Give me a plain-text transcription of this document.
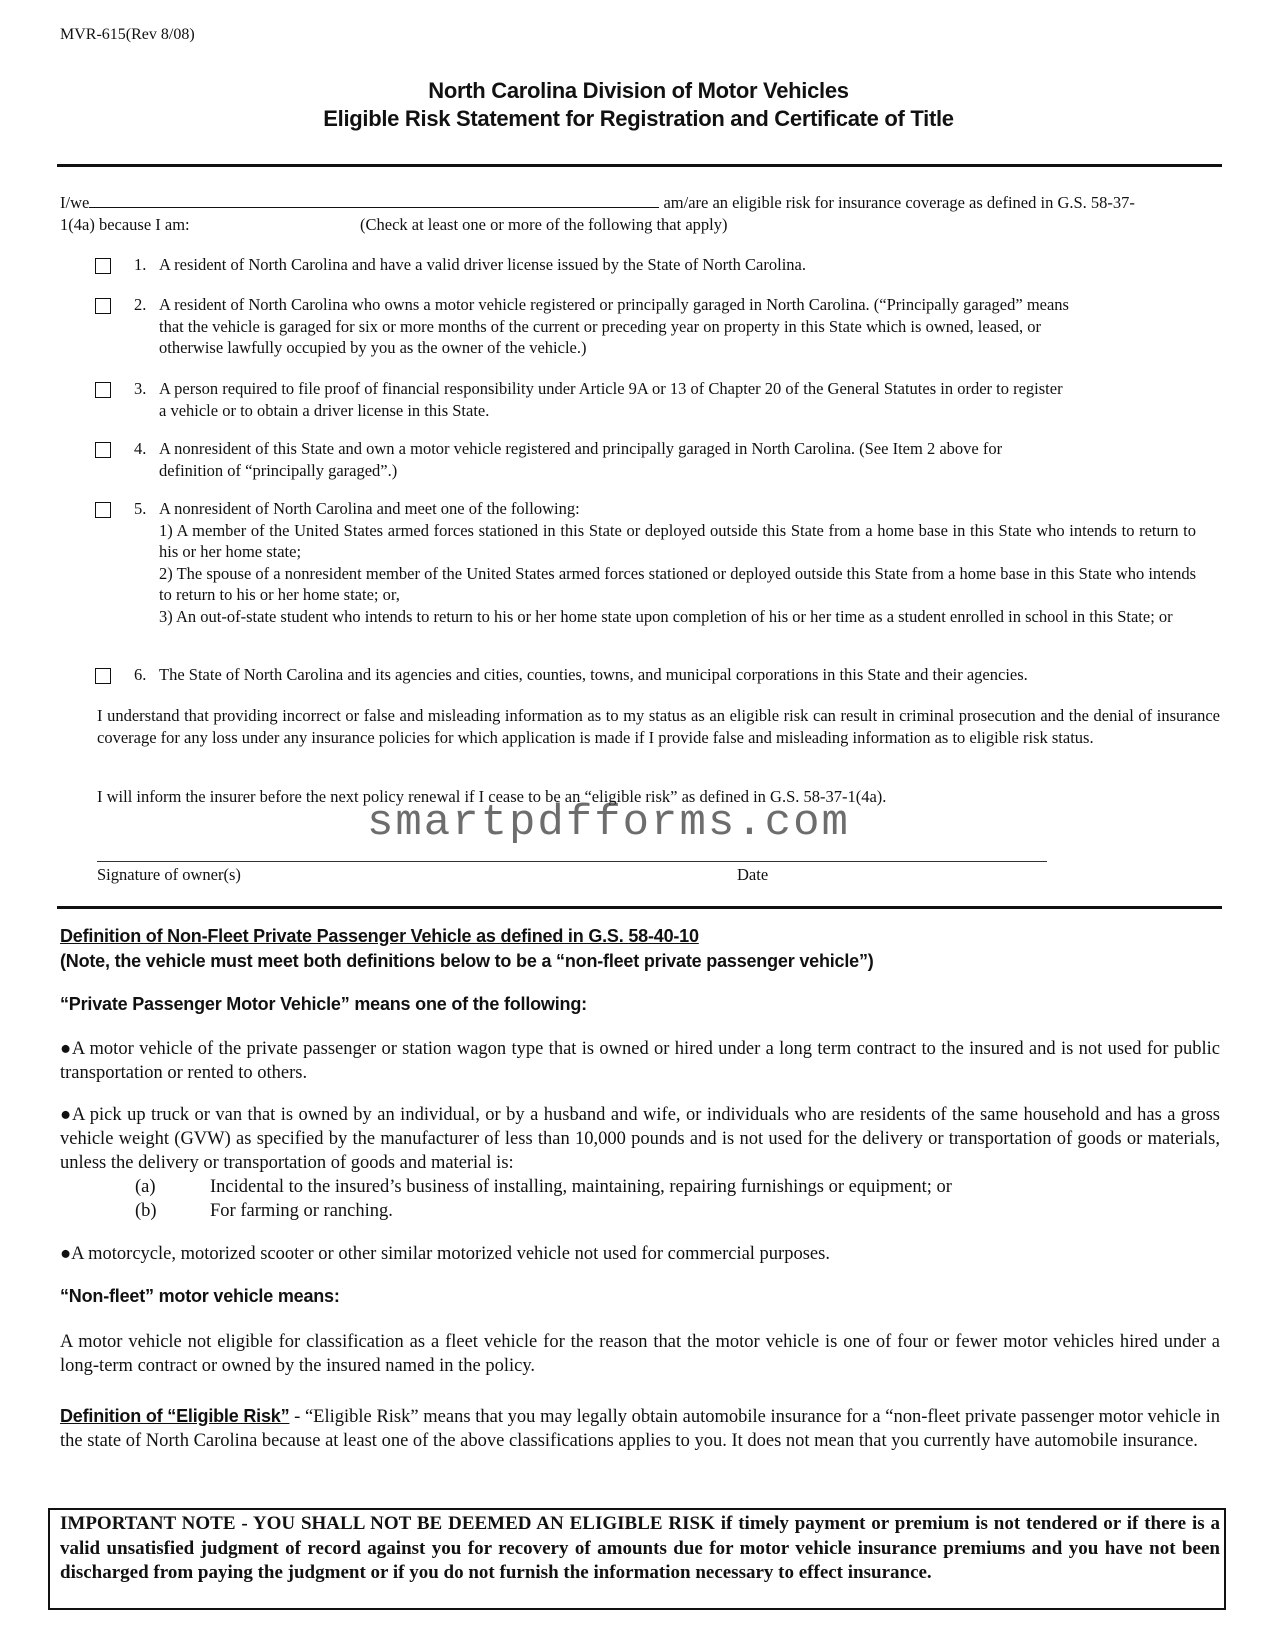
MVR-615(Rev 8/08)
North Carolina Division of Motor Vehicles
Eligible Risk Statement for Registration and Certificate of Title
I/we	am/are an eligible risk for insurance coverage as defined in G.S. 58-37-
1(4a) because I am:	(Check at least one or more of the following that apply)
1. A resident of North Carolina and have a valid driver license issued by the State of North Carolina.
2. A resident of North Carolina who owns a motor vehicle registered or principally garaged in North Carolina. (“Principally garaged” means
that the vehicle is garaged for six or more months of the current or preceding year on property in this State which is owned, leased, or
otherwise lawfully occupied by you as the owner of the vehicle.)
3. A person required to file proof of financial responsibility under Article 9A or 13 of Chapter 20 of the General Statutes in order to register
a vehicle or to obtain a driver license in this State.
4. A nonresident of this State and own a motor vehicle registered and principally garaged in North Carolina. (See Item 2 above for
definition of “principally garaged”.)
5. A nonresident of North Carolina and meet one of the following:
1) A member of the United States armed forces stationed in this State or deployed outside this State from a home base in this State who intends to return to his or her home state;
2) The spouse of a nonresident member of the United States armed forces stationed or deployed outside this State from a home base in this State who intends to return to his or her home state; or,
3) An out-of-state student who intends to return to his or her home state upon completion of his or her time as a student enrolled in school in this State; or
6. The State of North Carolina and its agencies and cities, counties, towns, and municipal corporations in this State and their agencies.
I understand that providing incorrect or false and misleading information as to my status as an eligible risk can result in criminal prosecution and the denial of insurance coverage for any loss under any insurance policies for which application is made if I provide false and misleading information as to eligible risk status.
I will inform the insurer before the next policy renewal if I cease to be an “eligible risk” as defined in G.S. 58-37-1(4a).
smartpdfforms.com
Signature of owner(s)	Date
Definition of Non-Fleet Private Passenger Vehicle as defined in G.S. 58-40-10
(Note, the vehicle must meet both definitions below to be a “non-fleet private passenger vehicle”)
“Private Passenger Motor Vehicle” means one of the following:
●A motor vehicle of the private passenger or station wagon type that is owned or hired under a long term contract to the insured and is not used for public transportation or rented to others.
●A pick up truck or van that is owned by an individual, or by a husband and wife, or individuals who are residents of the same household and has a gross vehicle weight (GVW) as specified by the manufacturer of less than 10,000 pounds and is not used for the delivery or transportation of goods or materials, unless the delivery or transportation of goods and material is:
(a)	Incidental to the insured’s business of installing, maintaining, repairing furnishings or equipment; or
(b)	For farming or ranching.
●A motorcycle, motorized scooter or other similar motorized vehicle not used for commercial purposes.
“Non-fleet” motor vehicle means:
A motor vehicle not eligible for classification as a fleet vehicle for the reason that the motor vehicle is one of four or fewer motor vehicles hired under a long-term contract or owned by the insured named in the policy.
Definition of “Eligible Risk” - “Eligible Risk” means that you may legally obtain automobile insurance for a “non-fleet private passenger motor vehicle in the state of North Carolina because at least one of the above classifications applies to you. It does not mean that you currently have automobile insurance.
IMPORTANT NOTE - YOU SHALL NOT BE DEEMED AN ELIGIBLE RISK if timely payment or premium is not tendered or if there is a valid unsatisfied judgment of record against you for recovery of amounts due for motor vehicle insurance premiums and you have not been discharged from paying the judgment or if you do not furnish the information necessary to effect insurance.
